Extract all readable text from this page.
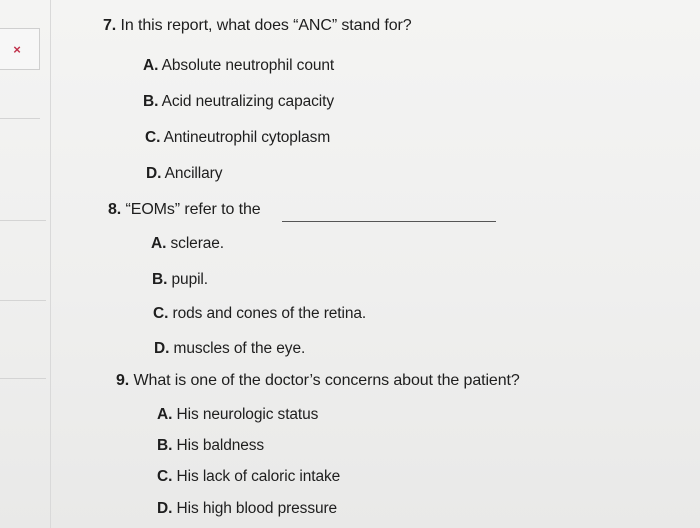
×
7. In this report, what does “ANC” stand for?
A. Absolute neutrophil count
B. Acid neutralizing capacity
C. Antineutrophil cytoplasm
D. Ancillary
8. “EOMs” refer to the
A. sclerae.
B. pupil.
C. rods and cones of the retina.
D. muscles of the eye.
9. What is one of the doctor’s concerns about the patient?
A. His neurologic status
B. His baldness
C. His lack of caloric intake
D. His high blood pressure
